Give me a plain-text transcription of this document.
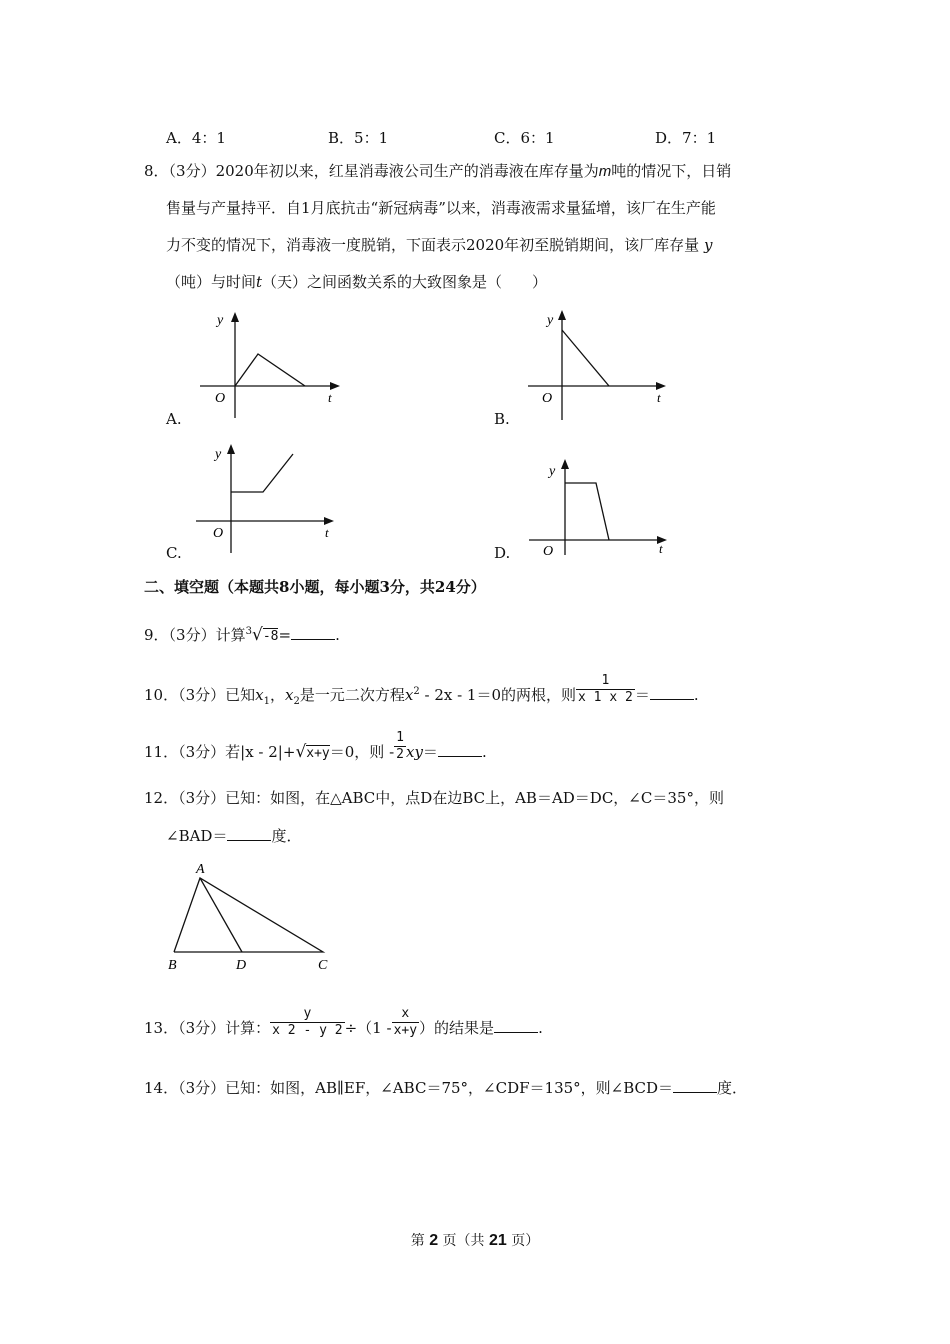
A．4：1	B．5：1	C．6：1	D．7：1
8．（3分）2020年初以来，红星消毒液公司生产的消毒液在库存量为m吨的情况下，日销
售量与产量持平．自1月底抗击“新冠病毒”以来，消毒液需求量猛增，该厂在生产能
力不变的情况下，消毒液一度脱销，下面表示2020年初至脱销期间，该厂库存量 y
（吨）与时间t（天）之间函数关系的大致图象是（　　）
y
O	t
A.
y
O	t
B.
y
O	t
C.
y
O	t
D.
二、填空题（本题共8小题，每小题3分，共24分）
9．（3分）计算$^3$√-8=	.
10．（3分）已知$x_1$，$x_2$是一元二次方程$x^2 - 2x - 1=0$的两根，则 $\frac{1}{x 1 x 2}$ ＝	.
11．（3分）若|x - 2|+√x+y＝0，则 - $\frac{1}{2} xy=$	.
12．（3分）已知：如图，在△ABC中，点D在边BC上，AB＝AD＝DC，∠C＝35°，则
∠BAD＝	度．
A
B	D	C
13．（3分）计算： $\frac{y}{x 2 - y 2} \div(1 - \frac{x}{x+y}$ ）的结果是	.
14．（3分）已知：如图，AB∥EF，∠ABC＝75°，∠CDF＝135°，则∠BCD＝	度．
第 2 页（共 21 页）
